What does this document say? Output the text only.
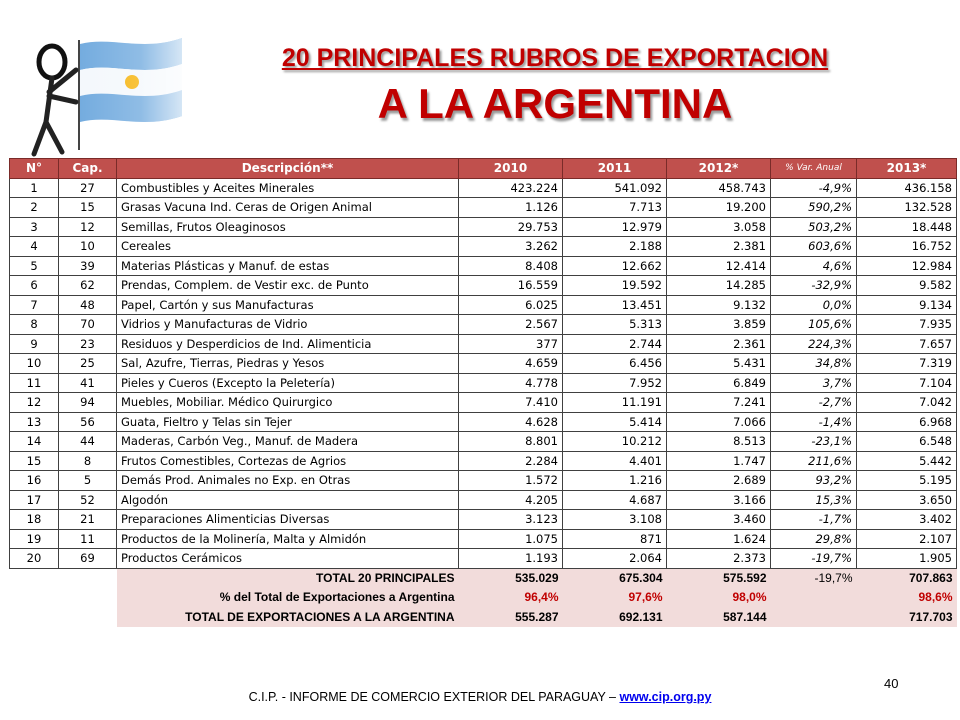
20 PRINCIPALES RUBROS DE EXPORTACION
A LA ARGENTINA
N°	Cap.	Descripción**	2010	2011	2012*	% Var. Anual	2013*
1	27	Combustibles y Aceites Minerales	423.224	541.092	458.743	-4,9%	436.158
2	15	Grasas Vacuna Ind. Ceras de Origen Animal	1.126	7.713	19.200	590,2%	132.528
3	12	Semillas, Frutos Oleaginosos	29.753	12.979	3.058	503,2%	18.448
4	10	Cereales	3.262	2.188	2.381	603,6%	16.752
5	39	Materias Plásticas y Manuf. de estas	8.408	12.662	12.414	4,6%	12.984
6	62	Prendas, Complem. de Vestir exc. de Punto	16.559	19.592	14.285	-32,9%	9.582
7	48	Papel, Cartón y sus Manufacturas	6.025	13.451	9.132	0,0%	9.134
8	70	Vidrios y Manufacturas de Vidrio	2.567	5.313	3.859	105,6%	7.935
9	23	Residuos y Desperdicios de Ind. Alimenticia	377	2.744	2.361	224,3%	7.657
10	25	Sal, Azufre, Tierras, Piedras y Yesos	4.659	6.456	5.431	34,8%	7.319
11	41	Pieles y Cueros (Excepto la Peletería)	4.778	7.952	6.849	3,7%	7.104
12	94	Muebles, Mobiliar. Médico Quirurgico	7.410	11.191	7.241	-2,7%	7.042
13	56	Guata, Fieltro y Telas sin Tejer	4.628	5.414	7.066	-1,4%	6.968
14	44	Maderas, Carbón Veg., Manuf. de Madera	8.801	10.212	8.513	-23,1%	6.548
15	8	Frutos Comestibles, Cortezas de Agrios	2.284	4.401	1.747	211,6%	5.442
16	5	Demás Prod. Animales no Exp. en Otras	1.572	1.216	2.689	93,2%	5.195
17	52	Algodón	4.205	4.687	3.166	15,3%	3.650
18	21	Preparaciones Alimenticias Diversas	3.123	3.108	3.460	-1,7%	3.402
19	11	Productos de la Molinería, Malta y Almidón	1.075	871	1.624	29,8%	2.107
20	69	Productos Cerámicos	1.193	2.064	2.373	-19,7%	1.905
		TOTAL 20 PRINCIPALES	535.029	675.304	575.592	-19,7%	707.863
		% del Total de Exportaciones a Argentina	96,4%	97,6%	98,0%		98,6%
		TOTAL DE EXPORTACIONES A LA ARGENTINA	555.287	692.131	587.144		717.703
40
C.I.P. - INFORME DE COMERCIO EXTERIOR DEL PARAGUAY – www.cip.org.py
